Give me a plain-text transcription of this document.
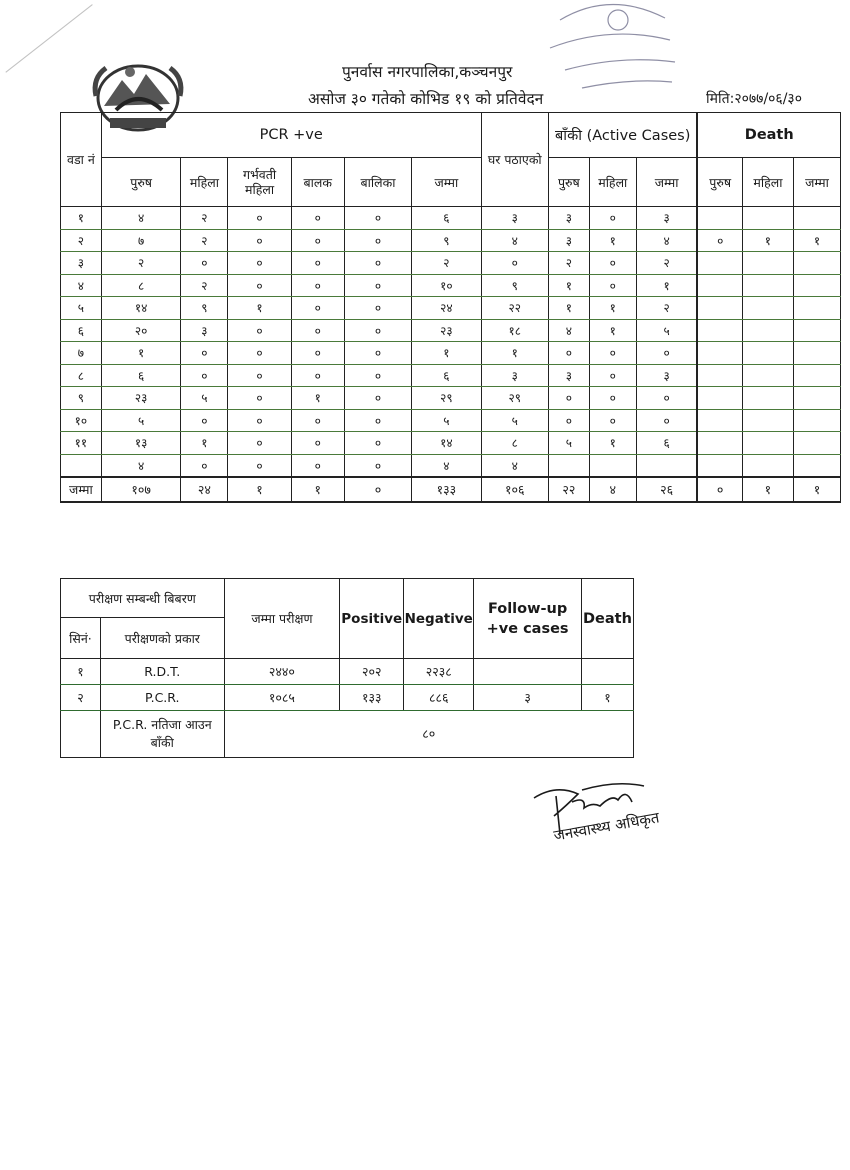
पुनर्वास नगरपालिका,कञ्चनपुर
असोज ३० गतेको कोभिड १९ को प्रतिवेदन	मिति:२०७७/०६/३०
वडा नं	PCR +ve						घर पठाएको	बाँकी (Active Cases)			Death		
	पुरुष	महिला	गर्भवती महिला	बालक	बालिका	जम्मा		पुरुष	महिला	जम्मा	पुरुष	महिला	जम्मा
१	४	२	०	०	०	६	३	३	०	३			
२	७	२	०	०	०	९	४	३	१	४	०	१	१
३	२	०	०	०	०	२	०	२	०	२			
४	८	२	०	०	०	१०	९	१	०	१			
५	१४	९	१	०	०	२४	२२	१	१	२			
६	२०	३	०	०	०	२३	१८	४	१	५			
७	१	०	०	०	०	१	१	०	०	०			
८	६	०	०	०	०	६	३	३	०	३			
९	२३	५	०	१	०	२९	२९	०	०	०			
१०	५	०	०	०	०	५	५	०	०	०			
११	१३	१	०	०	०	१४	८	५	१	६			
	४	०	०	०	०	४	४						
जम्मा	१०७	२४	१	१	०	१३३	१०६	२२	४	२६	०	१	१
परीक्षण सम्बन्धी बिबरण		जम्मा परीक्षण	Positive	Negative	Follow-up +ve cases	Death
सिनं·	परीक्षणको प्रकार					
१	R.D.T.	२४४०	२०२	२२३८		
२	P.C.R.	१०८५	१३३	८८६	३	१
	P.C.R. नतिजा आउन बाँकी	८०				
जनस्वास्थ्य अधिकृत
